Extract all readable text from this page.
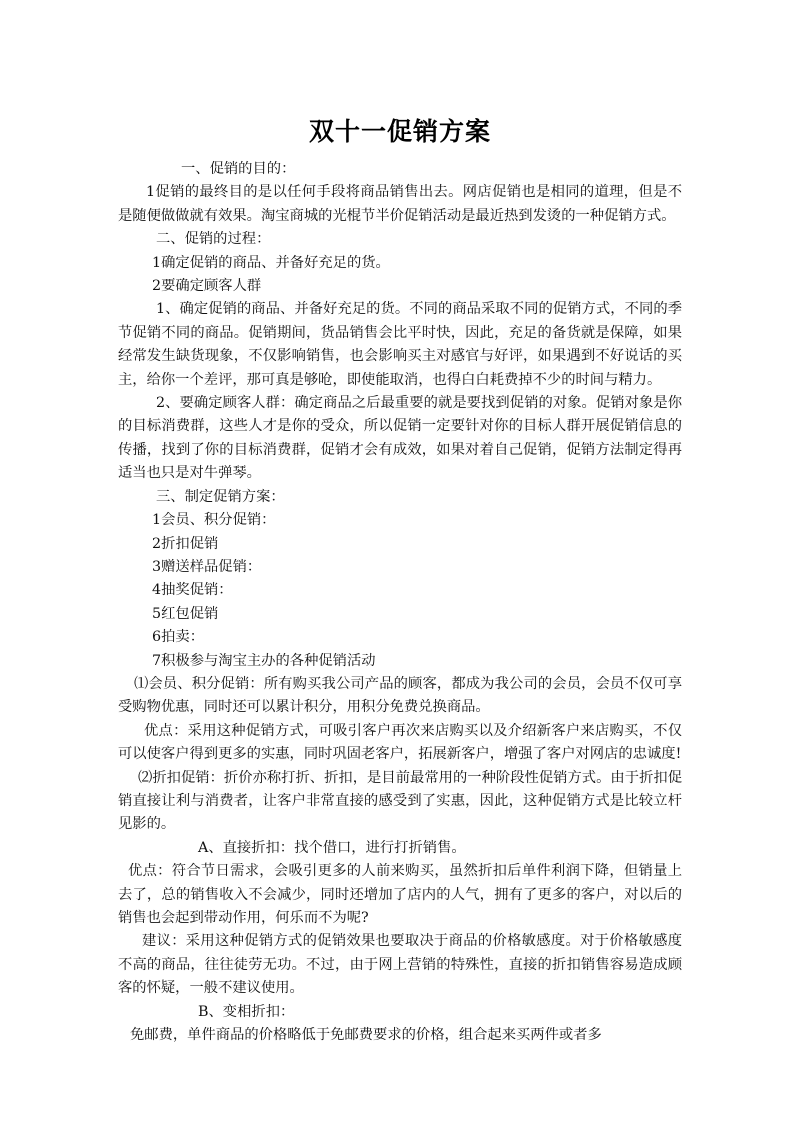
双十一促销方案

一、促销的目的：

1促销的最终目的是以任何手段将商品销售出去。网店促销也是相同的道理，但是不是随便做做就有效果。淘宝商城的光棍节半价促销活动是最近热到发烫的一种促销方式。

二、促销的过程：

1确定促销的商品、并备好充足的货。

2要确定顾客人群

1、确定促销的商品、并备好充足的货。不同的商品采取不同的促销方式，不同的季节促销不同的商品。促销期间，货品销售会比平时快，因此，充足的备货就是保障，如果经常发生缺货现象，不仅影响销售，也会影响买主对感官与好评，如果遇到不好说话的买主，给你一个差评，那可真是够呛，即使能取消，也得白白耗费掉不少的时间与精力。

2、要确定顾客人群：确定商品之后最重要的就是要找到促销的对象。促销对象是你的目标消费群，这些人才是你的受众，所以促销一定要针对你的目标人群开展促销信息的传播，找到了你的目标消费群，促销才会有成效，如果对着自己促销，促销方法制定得再适当也只是对牛弹琴。

三、制定促销方案：

1会员、积分促销：

2折扣促销

3赠送样品促销：

4抽奖促销：

5红包促销

6拍卖：

7积极参与淘宝主办的各种促销活动

⑴会员、积分促销：所有购买我公司产品的顾客，都成为我公司的会员，会员不仅可享受购物优惠，同时还可以累计积分，用积分免费兑换商品。

优点：采用这种促销方式，可吸引客户再次来店购买以及介绍新客户来店购买，不仅可以使客户得到更多的实惠，同时巩固老客户，拓展新客户，增强了客户对网店的忠诚度!

⑵折扣促销：折价亦称打折、折扣，是目前最常用的一种阶段性促销方式。由于折扣促销直接让利与消费者，让客户非常直接的感受到了实惠，因此，这种促销方式是比较立杆见影的。

A、直接折扣：找个借口，进行打折销售。

优点：符合节日需求，会吸引更多的人前来购买，虽然折扣后单件利润下降，但销量上去了，总的销售收入不会减少，同时还增加了店内的人气，拥有了更多的客户，对以后的销售也会起到带动作用，何乐而不为呢?

建议：采用这种促销方式的促销效果也要取决于商品的价格敏感度。对于价格敏感度不高的商品，往往徒劳无功。不过，由于网上营销的特殊性，直接的折扣销售容易造成顾客的怀疑，一般不建议使用。

B、变相折扣：

免邮费，单件商品的价格略低于免邮费要求的价格，组合起来买两件或者多
